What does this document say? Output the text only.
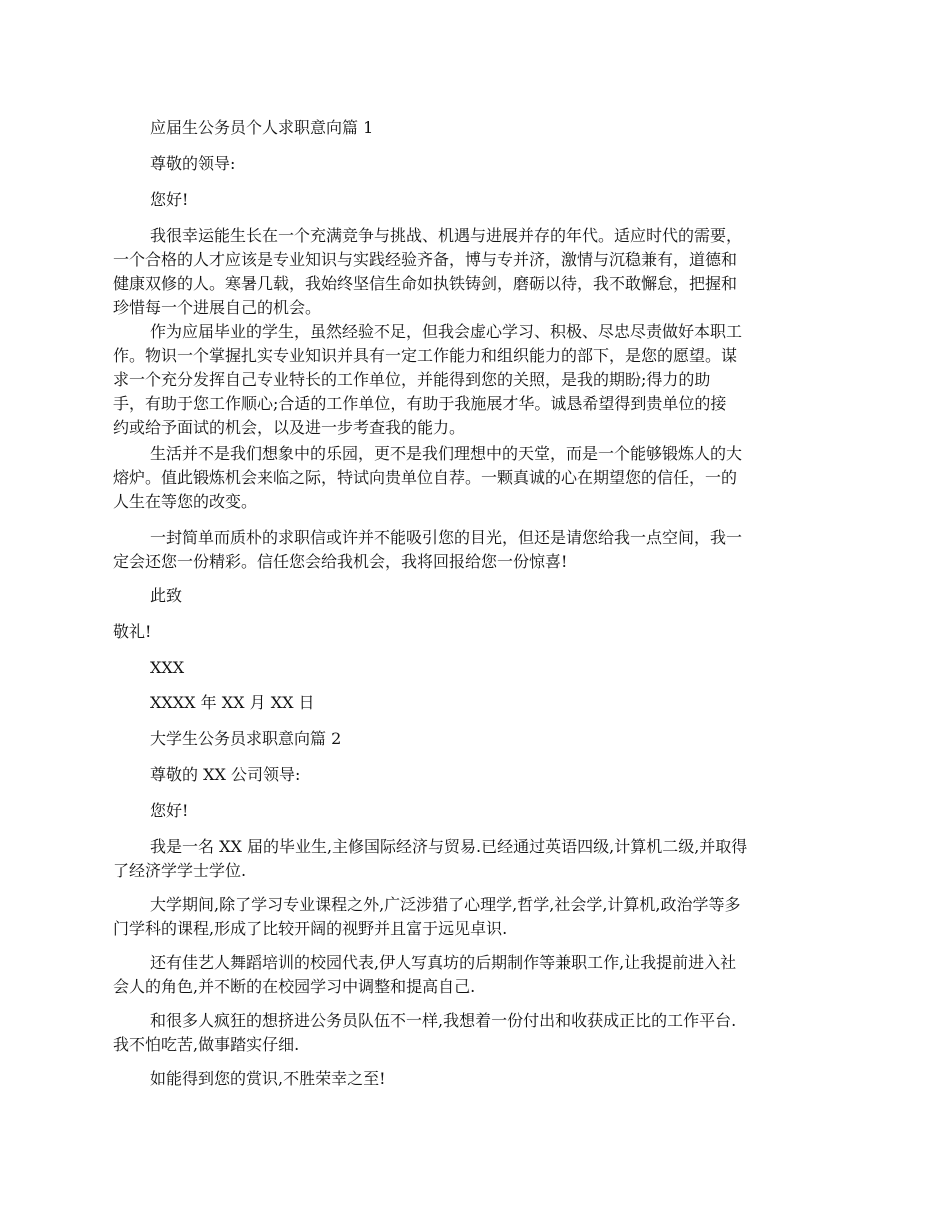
应届生公务员个人求职意向篇 1

尊敬的领导:

您好!

我很幸运能生长在一个充满竞争与挑战、机遇与进展并存的年代。适应时代的需要，
一个合格的人才应该是专业知识与实践经验齐备，博与专并济，激情与沉稳兼有，道德和
健康双修的人。寒暑几载，我始终坚信生命如执铁铸剑，磨砺以待，我不敢懈怠，把握和
珍惜每一个进展自己的机会。

作为应届毕业的学生，虽然经验不足，但我会虚心学习、积极、尽忠尽责做好本职工
作。物识一个掌握扎实专业知识并具有一定工作能力和组织能力的部下，是您的愿望。谋
求一个充分发挥自己专业特长的工作单位，并能得到您的关照，是我的期盼;得力的助
手，有助于您工作顺心;合适的工作单位，有助于我施展才华。诚恳希望得到贵单位的接
约或给予面试的机会，以及进一步考查我的能力。

生活并不是我们想象中的乐园，更不是我们理想中的天堂，而是一个能够锻炼人的大
熔炉。值此锻炼机会来临之际，特试向贵单位自荐。一颗真诚的心在期望您的信任，一的
人生在等您的改变。

一封简单而质朴的求职信或许并不能吸引您的目光，但还是请您给我一点空间，我一
定会还您一份精彩。信任您会给我机会，我将回报给您一份惊喜!

此致

敬礼!

XXX

XXXX 年 XX 月 XX 日

大学生公务员求职意向篇 2

尊敬的 XX 公司领导:

您好!

我是一名 XX 届的毕业生,主修国际经济与贸易.已经通过英语四级,计算机二级,并取得
了经济学学士学位.

大学期间,除了学习专业课程之外,广泛涉猎了心理学,哲学,社会学,计算机,政治学等多
门学科的课程,形成了比较开阔的视野并且富于远见卓识.

还有佳艺人舞蹈培训的校园代表,伊人写真坊的后期制作等兼职工作,让我提前进入社
会人的角色,并不断的在校园学习中调整和提高自己.

和很多人疯狂的想挤进公务员队伍不一样,我想着一份付出和收获成正比的工作平台.
我不怕吃苦,做事踏实仔细.

如能得到您的赏识,不胜荣幸之至!
